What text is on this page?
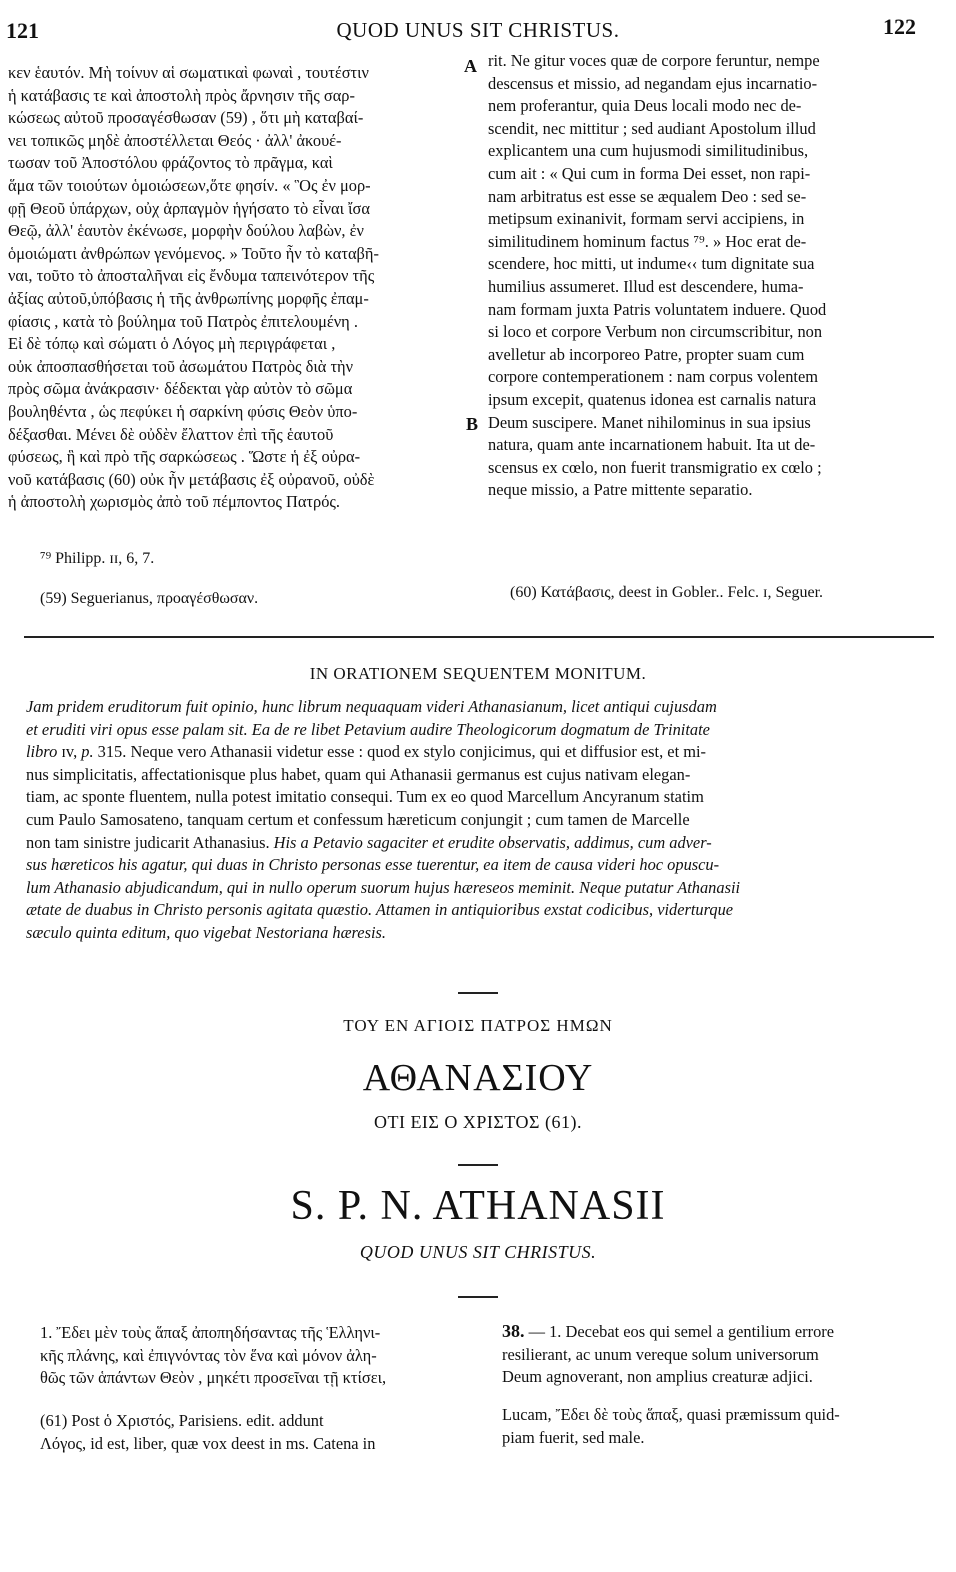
121	QUOD UNUS SIT CHRISTUS.	122
κεν ἑαυτόν. Μὴ τοίνυν αἱ σωματικαὶ φωναὶ , τουτέστιν
ἡ κατάβασις τε καὶ ἀποστολὴ πρὸς ἄρνησιν τῆς σαρ-
κώσεως αὐτοῦ προσαγέσθωσαν (59) , ὅτι μὴ καταβαί-
νει τοπικῶς μηδὲ ἀποστέλλεται Θεός · ἀλλ' ἀκουέ-
τωσαν τοῦ Ἀποστόλου φράζοντος τὸ πρᾶγμα, καὶ
ἅμα τῶν τοιούτων ὁμοιώσεων,ὅτε φησίν. « Ὃς ἐν μορ-
φῇ Θεοῦ ὑπάρχων, οὐχ ἁρπαγμὸν ἡγήσατο τὸ εἶναι ἴσα
Θεῷ, ἀλλ' ἑαυτὸν ἐκένωσε, μορφὴν δούλου λαβὼν, ἐν
ὁμοιώματι ἀνθρώπων γενόμενος. » Τοῦτο ἦν τὸ καταβῆ-
ναι, τοῦτο τὸ ἀποσταλῆναι εἰς ἔνδυμα ταπεινότερον τῆς
ἀξίας αὐτοῦ,ὑπόβασις ἡ τῆς ἀνθρωπίνης μορφῆς ἐπαμ-
φίασις , κατὰ τὸ βούλημα τοῦ Πατρὸς ἐπιτελουμένη .
Εἰ δὲ τόπῳ καὶ σώματι ὁ Λόγος μὴ περιγράφεται ,
οὐκ ἀποσπασθήσεται τοῦ ἀσωμάτου Πατρὸς διὰ τὴν
πρὸς σῶμα ἀνάκρασιν· δέδεκται γὰρ αὐτὸν τὸ σῶμα
βουληθέντα , ὡς πεφύκει ἡ σαρκίνη φύσις Θεὸν ὑπο-
δέξασθαι. Μένει δὲ οὐδὲν ἔλαττον ἐπὶ τῆς ἑαυτοῦ
φύσεως, ἣ καὶ πρὸ τῆς σαρκώσεως . Ὥστε ἡ ἐξ οὐρα-
νοῦ κατάβασις (60) οὐκ ἦν μετάβασις ἐξ οὐρανοῦ, οὐδὲ
ἡ ἀποστολὴ χωρισμὸς ἀπὸ τοῦ πέμποντος Πατρός.
rit. Ne gitur voces quæ de corpore feruntur, nempe
descensus et missio, ad negandam ejus incarnatio-
nem proferantur, quia Deus locali modo nec de-
scendit, nec mittitur ; sed audiant Apostolum illud
explicantem una cum hujusmodi similitudinibus,
cum ait : « Qui cum in forma Dei esset, non rapi-
nam arbitratus est esse se æqualem Deo : sed se-
metipsum exinanivit, formam servi accipiens, in
similitudinem hominum factus ⁷⁹. » Hoc erat de-
scendere, hoc mitti, ut indume‹‹ tum dignitate sua
humilius assumeret. Illud est descendere, huma-
nam formam juxta Patris voluntatem induere. Quod
si loco et corpore Verbum non circumscribitur, non
avelletur ab incorporeo Patre, propter suam cum
corpore contemperationem : nam corpus volentem
ipsum excepit, quatenus idonea est carnalis natura
Deum suscipere. Manet nihilominus in sua ipsius
natura, quam ante incarnationem habuit. Ita ut de-
scensus ex cœlo, non fuerit transmigratio ex cœlo ;
neque missio, a Patre mittente separatio.
A
B
⁷⁹ Philipp. ɪɪ, 6, 7.
(59) Seguerianus, προαγέσθωσαν.	(60) Κατάβασις, deest in Gobler.. Felc. ɪ, Seguer.
IN ORATIONEM SEQUENTEM MONITUM.
Jam pridem eruditorum fuit opinio, hunc librum nequaquam videri Athanasianum, licet antiqui cujusdam
et eruditi viri opus esse palam sit. Ea de re libet Petavium audire Theologicorum dogmatum de Trinitate
libro ɪv, p. 315. Neque vero Athanasii videtur esse : quod ex stylo conjicimus, qui et diffusior est, et mi-
nus simplicitatis, affectationisque plus habet, quam qui Athanasii germanus est cujus nativam elegan-
tiam, ac sponte fluentem, nulla potest imitatio consequi. Tum ex eo quod Marcellum Ancyranum statim
cum Paulo Samosateno, tanquam certum et confessum hæreticum conjungit ; cum tamen de Marcelle
non tam sinistre judicarit Athanasius. His a Petavio sagaciter et erudite observatis, addimus, cum adver-
sus hæreticos his agatur, qui duas in Christo personas esse tuerentur, ea item de causa videri hoc opuscu-
lum Athanasio abjudicandum, qui in nullo operum suorum hujus hæreseos meminit. Neque putatur Athanasii
ætate de duabus in Christo personis agitata quæstio. Attamen in antiquioribus exstat codicibus, viderturque
sæculo quinta editum, quo vigebat Nestoriana hæresis.
ΤΟΥ ΕΝ ΑΓΙΟΙΣ ΠΑΤΡΟΣ ΗΜΩΝ
ΑΘΑΝΑΣΙΟΥ
ΟΤΙ ΕΙΣ Ο ΧΡΙΣΤΟΣ (61).
S. P. N. ATHANASII
QUOD UNUS SIT CHRISTUS.
1. Ἔδει μὲν τοὺς ἅπαξ ἀποπηδήσαντας τῆς Ἑλληνι-
κῆς πλάνης, καὶ ἐπιγνόντας τὸν ἕνα καὶ μόνον ἀλη-
θῶς τῶν ἁπάντων Θεὸν , μηκέτι προσεῖναι τῇ κτίσει,
38. — 1. Decebat eos qui semel a gentilium errore
resilierant, ac unum vereque solum universorum
Deum agnoverant, non amplius creaturæ adjici.
(61) Post ὁ Χριστός, Parisiens. edit. addunt
Λόγος, id est, liber, quæ vox deest in ms. Catena in
Lucam, Ἔδει δὲ τοὺς ἅπαξ, quasi præmissum quid-
piam fuerit, sed male.
